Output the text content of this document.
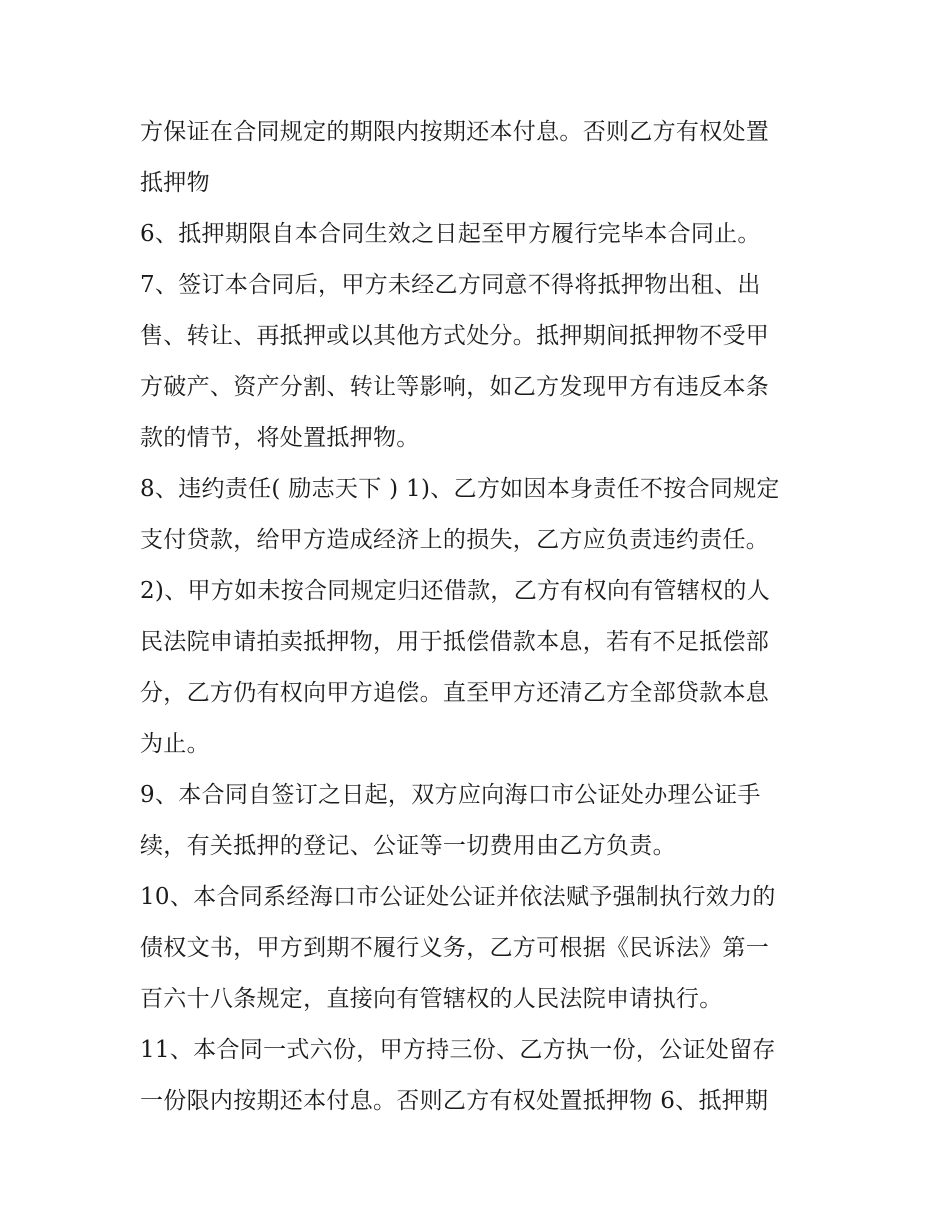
方保证在合同规定的期限内按期还本付息。否则乙方有权处置
抵押物
6、抵押期限自本合同生效之日起至甲方履行完毕本合同止。
7、签订本合同后，甲方未经乙方同意不得将抵押物出租、出
售、转让、再抵押或以其他方式处分。抵押期间抵押物不受甲
方破产、资产分割、转让等影响，如乙方发现甲方有违反本条
款的情节，将处置抵押物。
8、违约责任( 励志天下 ) 1)、乙方如因本身责任不按合同规定
支付贷款，给甲方造成经济上的损失，乙方应负责违约责任。
2)、甲方如未按合同规定归还借款，乙方有权向有管辖权的人
民法院申请拍卖抵押物，用于抵偿借款本息，若有不足抵偿部
分，乙方仍有权向甲方追偿。直至甲方还清乙方全部贷款本息
为止。
9、本合同自签订之日起，双方应向海口市公证处办理公证手
续，有关抵押的登记、公证等一切费用由乙方负责。
10、本合同系经海口市公证处公证并依法赋予强制执行效力的
债权文书，甲方到期不履行义务，乙方可根据《民诉法》第一
百六十八条规定，直接向有管辖权的人民法院申请执行。
11、本合同一式六份，甲方持三份、乙方执一份，公证处留存
一份限内按期还本付息。否则乙方有权处置抵押物 6、抵押期
